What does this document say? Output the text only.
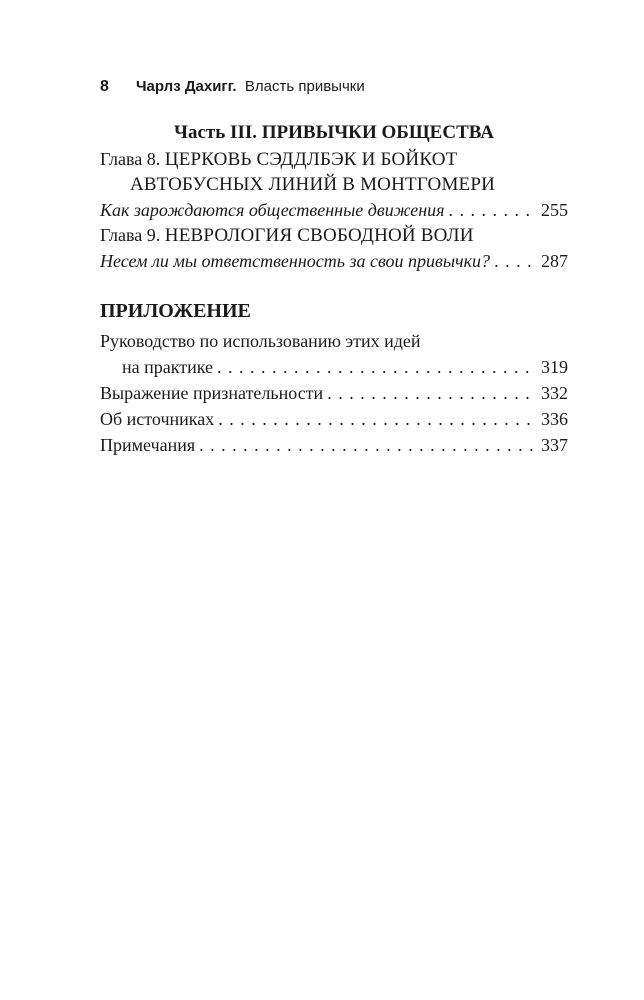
8 Чарлз Дахигг. Власть привычки
Часть III. ПРИВЫЧКИ ОБЩЕСТВА
Глава 8. ЦЕРКОВЬ СЭДДЛБЭК И БОЙКОТ
АВТОБУСНЫХ ЛИНИЙ В МОНТГОМЕРИ
Как зарождаются общественные движения . . .	255
Глава 9. НЕВРОЛОГИЯ СВОБОДНОЙ ВОЛИ
Несем ли мы ответственность за свои привычки? . . .	287
ПРИЛОЖЕНИЕ
Руководство по использованию этих идей
на практике . . .	319
Выражение признательности . . .	332
Об источниках . . .	336
Примечания . . .	337
